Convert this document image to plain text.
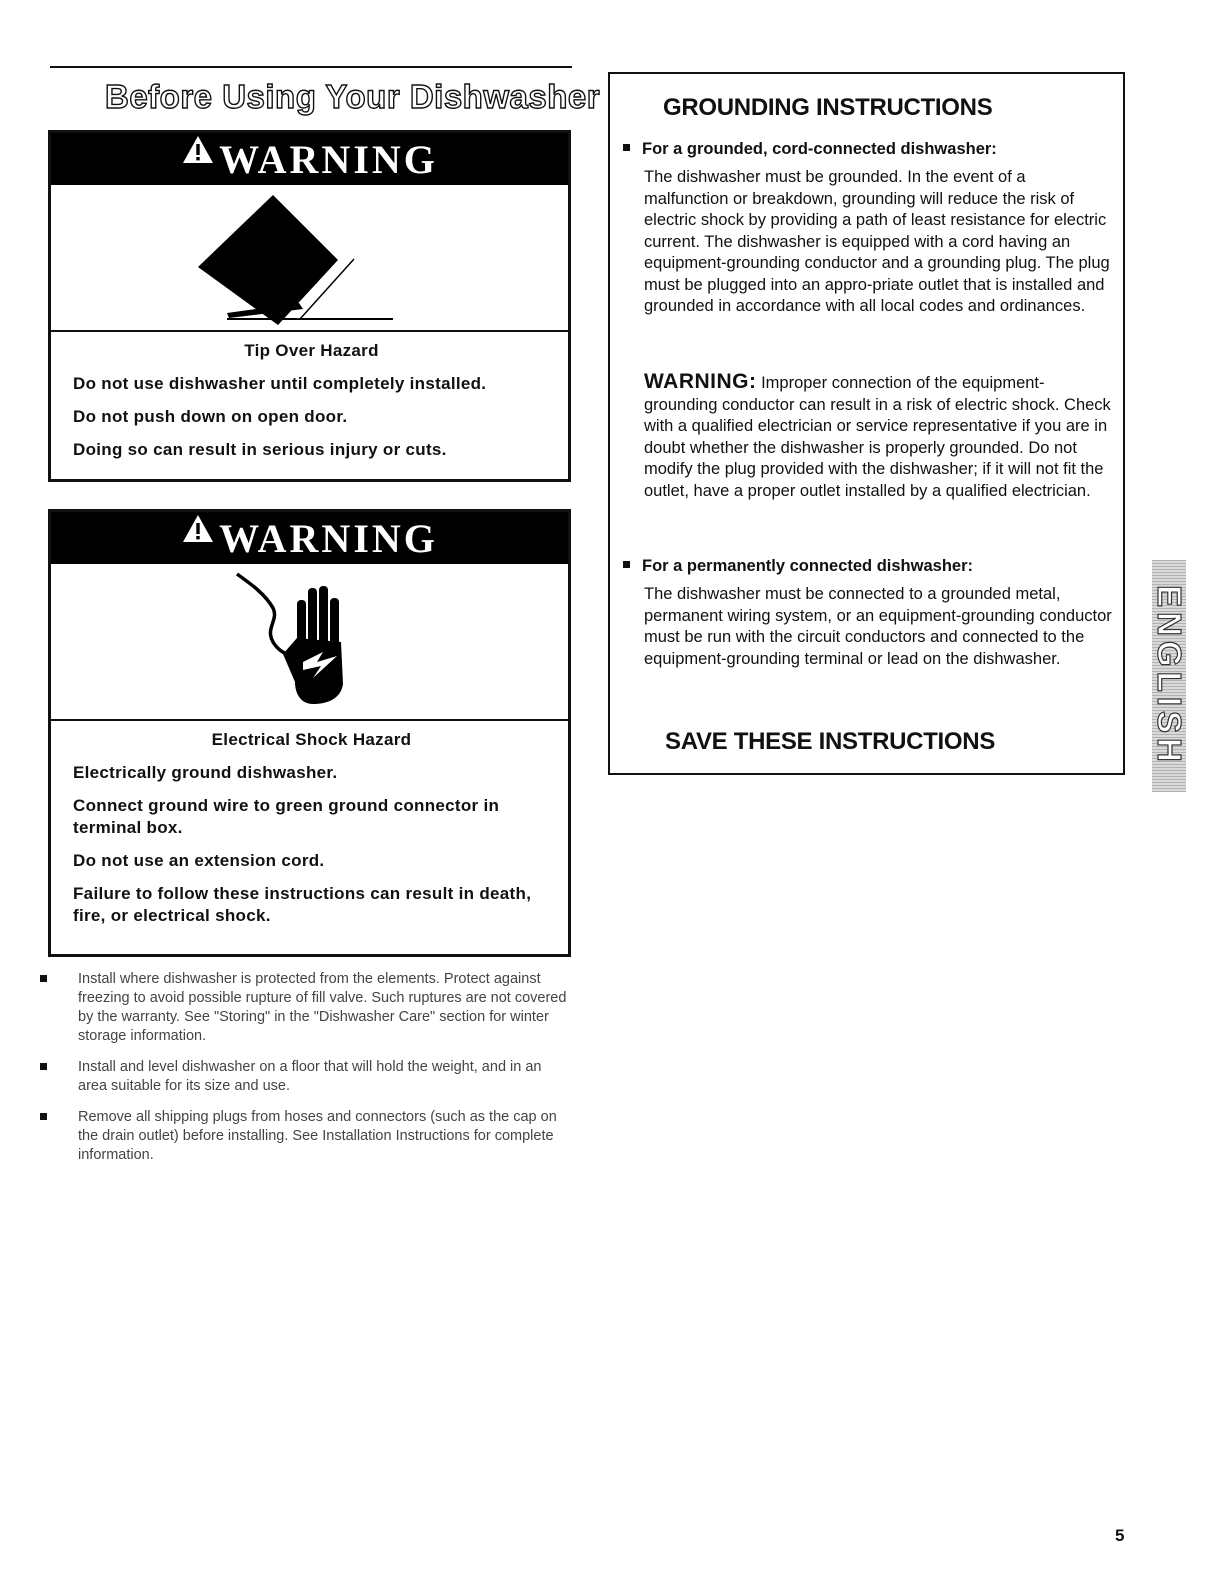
Before Using Your Dishwasher
WARNING

Tip Over Hazard

Do not use dishwasher until completely installed.

Do not push down on open door.

Doing so can result in serious injury or cuts.

WARNING

Electrical Shock Hazard

Electrically ground dishwasher.

Connect ground wire to green ground connector in terminal box.

Do not use an extension cord.

Failure to follow these instructions can result in death, fire, or electrical shock.

Install where dishwasher is protected from the elements. Protect against freezing to avoid possible rupture of fill valve. Such ruptures are not covered by the warranty. See "Storing" in the "Dishwasher Care" section for winter storage information.
Install and level dishwasher on a floor that will hold the weight, and in an area suitable for its size and use.
Remove all shipping plugs from hoses and connectors (such as the cap on the drain outlet) before installing. See Installation Instructions for complete information.
GROUNDING INSTRUCTIONS
For a grounded, cord-connected dishwasher:

The dishwasher must be grounded. In the event of a malfunction or breakdown, grounding will reduce the risk of electric shock by providing a path of least resistance for electric current. The dishwasher is equipped with a cord having an equipment-grounding conductor and a grounding plug. The plug must be plugged into an appro-priate outlet that is installed and grounded in accordance with all local codes and ordinances.

WARNING: Improper connection of the equipment-grounding conductor can result in a risk of electric shock. Check with a qualified electrician or service representative if you are in doubt whether the dishwasher is properly grounded. Do not modify the plug provided with the dishwasher; if it will not fit the outlet, have a proper outlet installed by a qualified electrician.

For a permanently connected dishwasher:

The dishwasher must be connected to a grounded metal, permanent wiring system, or an equipment-grounding conductor must be run with the circuit conductors and connected to the equipment-grounding terminal or lead on the dishwasher.

SAVE THESE INSTRUCTIONS	ENGLISH
5
